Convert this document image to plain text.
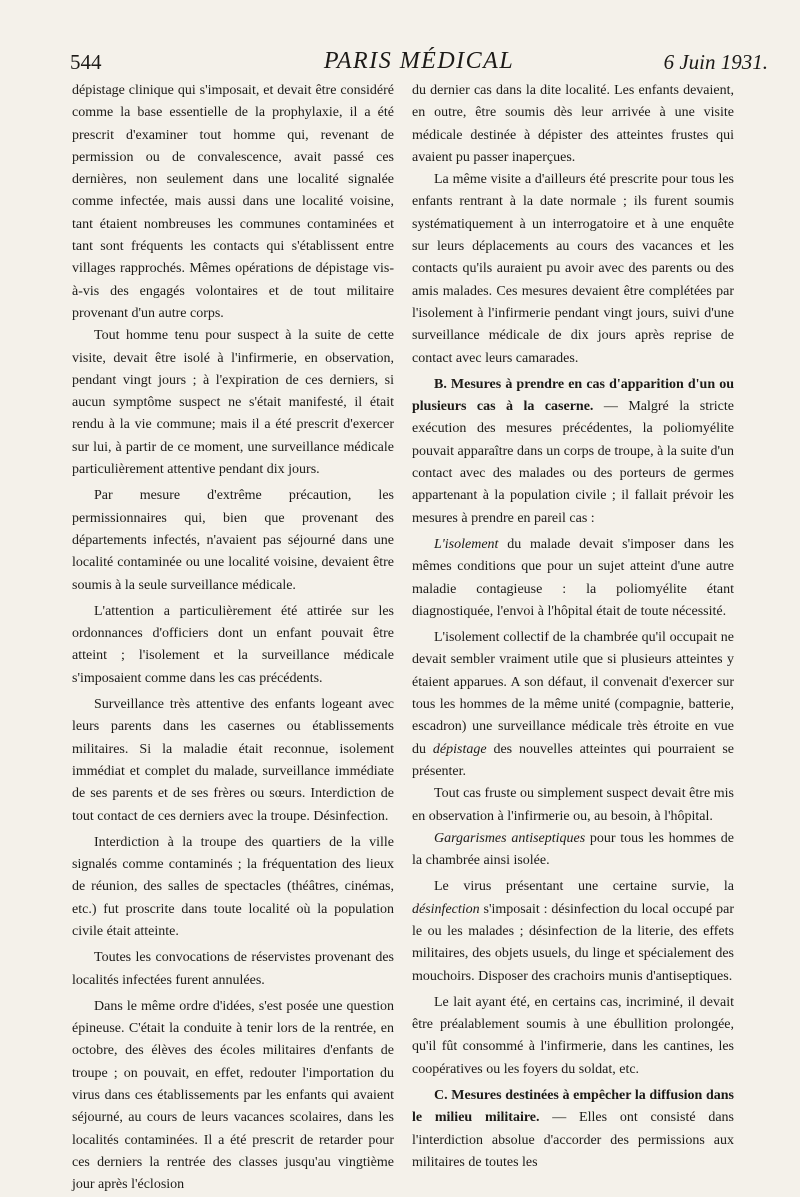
544	PARIS MÉDICAL	6 Juin 1931.

dépistage clinique qui s'imposait, et devait être considéré comme la base essentielle de la prophylaxie, il a été prescrit d'examiner tout homme qui, revenant de permission ou de convalescence, avait passé ces dernières, non seulement dans une localité signalée comme infectée, mais aussi dans une localité voisine, tant étaient nombreuses les communes contaminées et tant sont fréquents les contacts qui s'établissent entre villages rapprochés. Mêmes opérations de dépistage vis-à-vis des engagés volontaires et de tout militaire provenant d'un autre corps.

Tout homme tenu pour suspect à la suite de cette visite, devait être isolé à l'infirmerie, en observation, pendant vingt jours ; à l'expiration de ces derniers, si aucun symptôme suspect ne s'était manifesté, il était rendu à la vie commune; mais il a été prescrit d'exercer sur lui, à partir de ce moment, une surveillance médicale particulièrement attentive pendant dix jours.

Par mesure d'extrême précaution, les permissionnaires qui, bien que provenant des départements infectés, n'avaient pas séjourné dans une localité contaminée ou une localité voisine, devaient être soumis à la seule surveillance médicale.

L'attention a particulièrement été attirée sur les ordonnances d'officiers dont un enfant pouvait être atteint ; l'isolement et la surveillance médicale s'imposaient comme dans les cas précédents.

Surveillance très attentive des enfants logeant avec leurs parents dans les casernes ou établissements militaires. Si la maladie était reconnue, isolement immédiat et complet du malade, surveillance immédiate de ses parents et de ses frères ou sœurs. Interdiction de tout contact de ces derniers avec la troupe. Désinfection.

Interdiction à la troupe des quartiers de la ville signalés comme contaminés ; la fréquentation des lieux de réunion, des salles de spectacles (théâtres, cinémas, etc.) fut proscrite dans toute localité où la population civile était atteinte.

Toutes les convocations de réservistes provenant des localités infectées furent annulées.

Dans le même ordre d'idées, s'est posée une question épineuse. C'était la conduite à tenir lors de la rentrée, en octobre, des élèves des écoles militaires d'enfants de troupe ; on pouvait, en effet, redouter l'importation du virus dans ces établissements par les enfants qui avaient séjourné, au cours de leurs vacances scolaires, dans les localités contaminées. Il a été prescrit de retarder pour ces derniers la rentrée des classes jusqu'au vingtième jour après l'éclosion

du dernier cas dans la dite localité. Les enfants devaient, en outre, être soumis dès leur arrivée à une visite médicale destinée à dépister des atteintes frustes qui avaient pu passer inaperçues.

La même visite a d'ailleurs été prescrite pour tous les enfants rentrant à la date normale ; ils furent soumis systématiquement à un interrogatoire et à une enquête sur leurs déplacements au cours des vacances et les contacts qu'ils auraient pu avoir avec des parents ou des amis malades. Ces mesures devaient être complétées par l'isolement à l'infirmerie pendant vingt jours, suivi d'une surveillance médicale de dix jours après reprise de contact avec leurs camarades.

B. Mesures à prendre en cas d'apparition d'un ou plusieurs cas à la caserne. — Malgré la stricte exécution des mesures précédentes, la poliomyélite pouvait apparaître dans un corps de troupe, à la suite d'un contact avec des malades ou des porteurs de germes appartenant à la population civile ; il fallait prévoir les mesures à prendre en pareil cas :

L'isolement du malade devait s'imposer dans les mêmes conditions que pour un sujet atteint d'une autre maladie contagieuse : la poliomyélite étant diagnostiquée, l'envoi à l'hôpital était de toute nécessité.

L'isolement collectif de la chambrée qu'il occupait ne devait sembler vraiment utile que si plusieurs atteintes y étaient apparues. A son défaut, il convenait d'exercer sur tous les hommes de la même unité (compagnie, batterie, escadron) une surveillance médicale très étroite en vue du dépistage des nouvelles atteintes qui pourraient se présenter.

Tout cas fruste ou simplement suspect devait être mis en observation à l'infirmerie ou, au besoin, à l'hôpital.

Gargarismes antiseptiques pour tous les hommes de la chambrée ainsi isolée.

Le virus présentant une certaine survie, la désinfection s'imposait : désinfection du local occupé par le ou les malades ; désinfection de la literie, des effets militaires, des objets usuels, du linge et spécialement des mouchoirs. Disposer des crachoirs munis d'antiseptiques.

Le lait ayant été, en certains cas, incriminé, il devait être préalablement soumis à une ébullition prolongée, qu'il fût consommé à l'infirmerie, dans les cantines, les coopératives ou les foyers du soldat, etc.

C. Mesures destinées à empêcher la diffusion dans le milieu militaire. — Elles ont consisté dans l'interdiction absolue d'accorder des permissions aux militaires de toutes les
